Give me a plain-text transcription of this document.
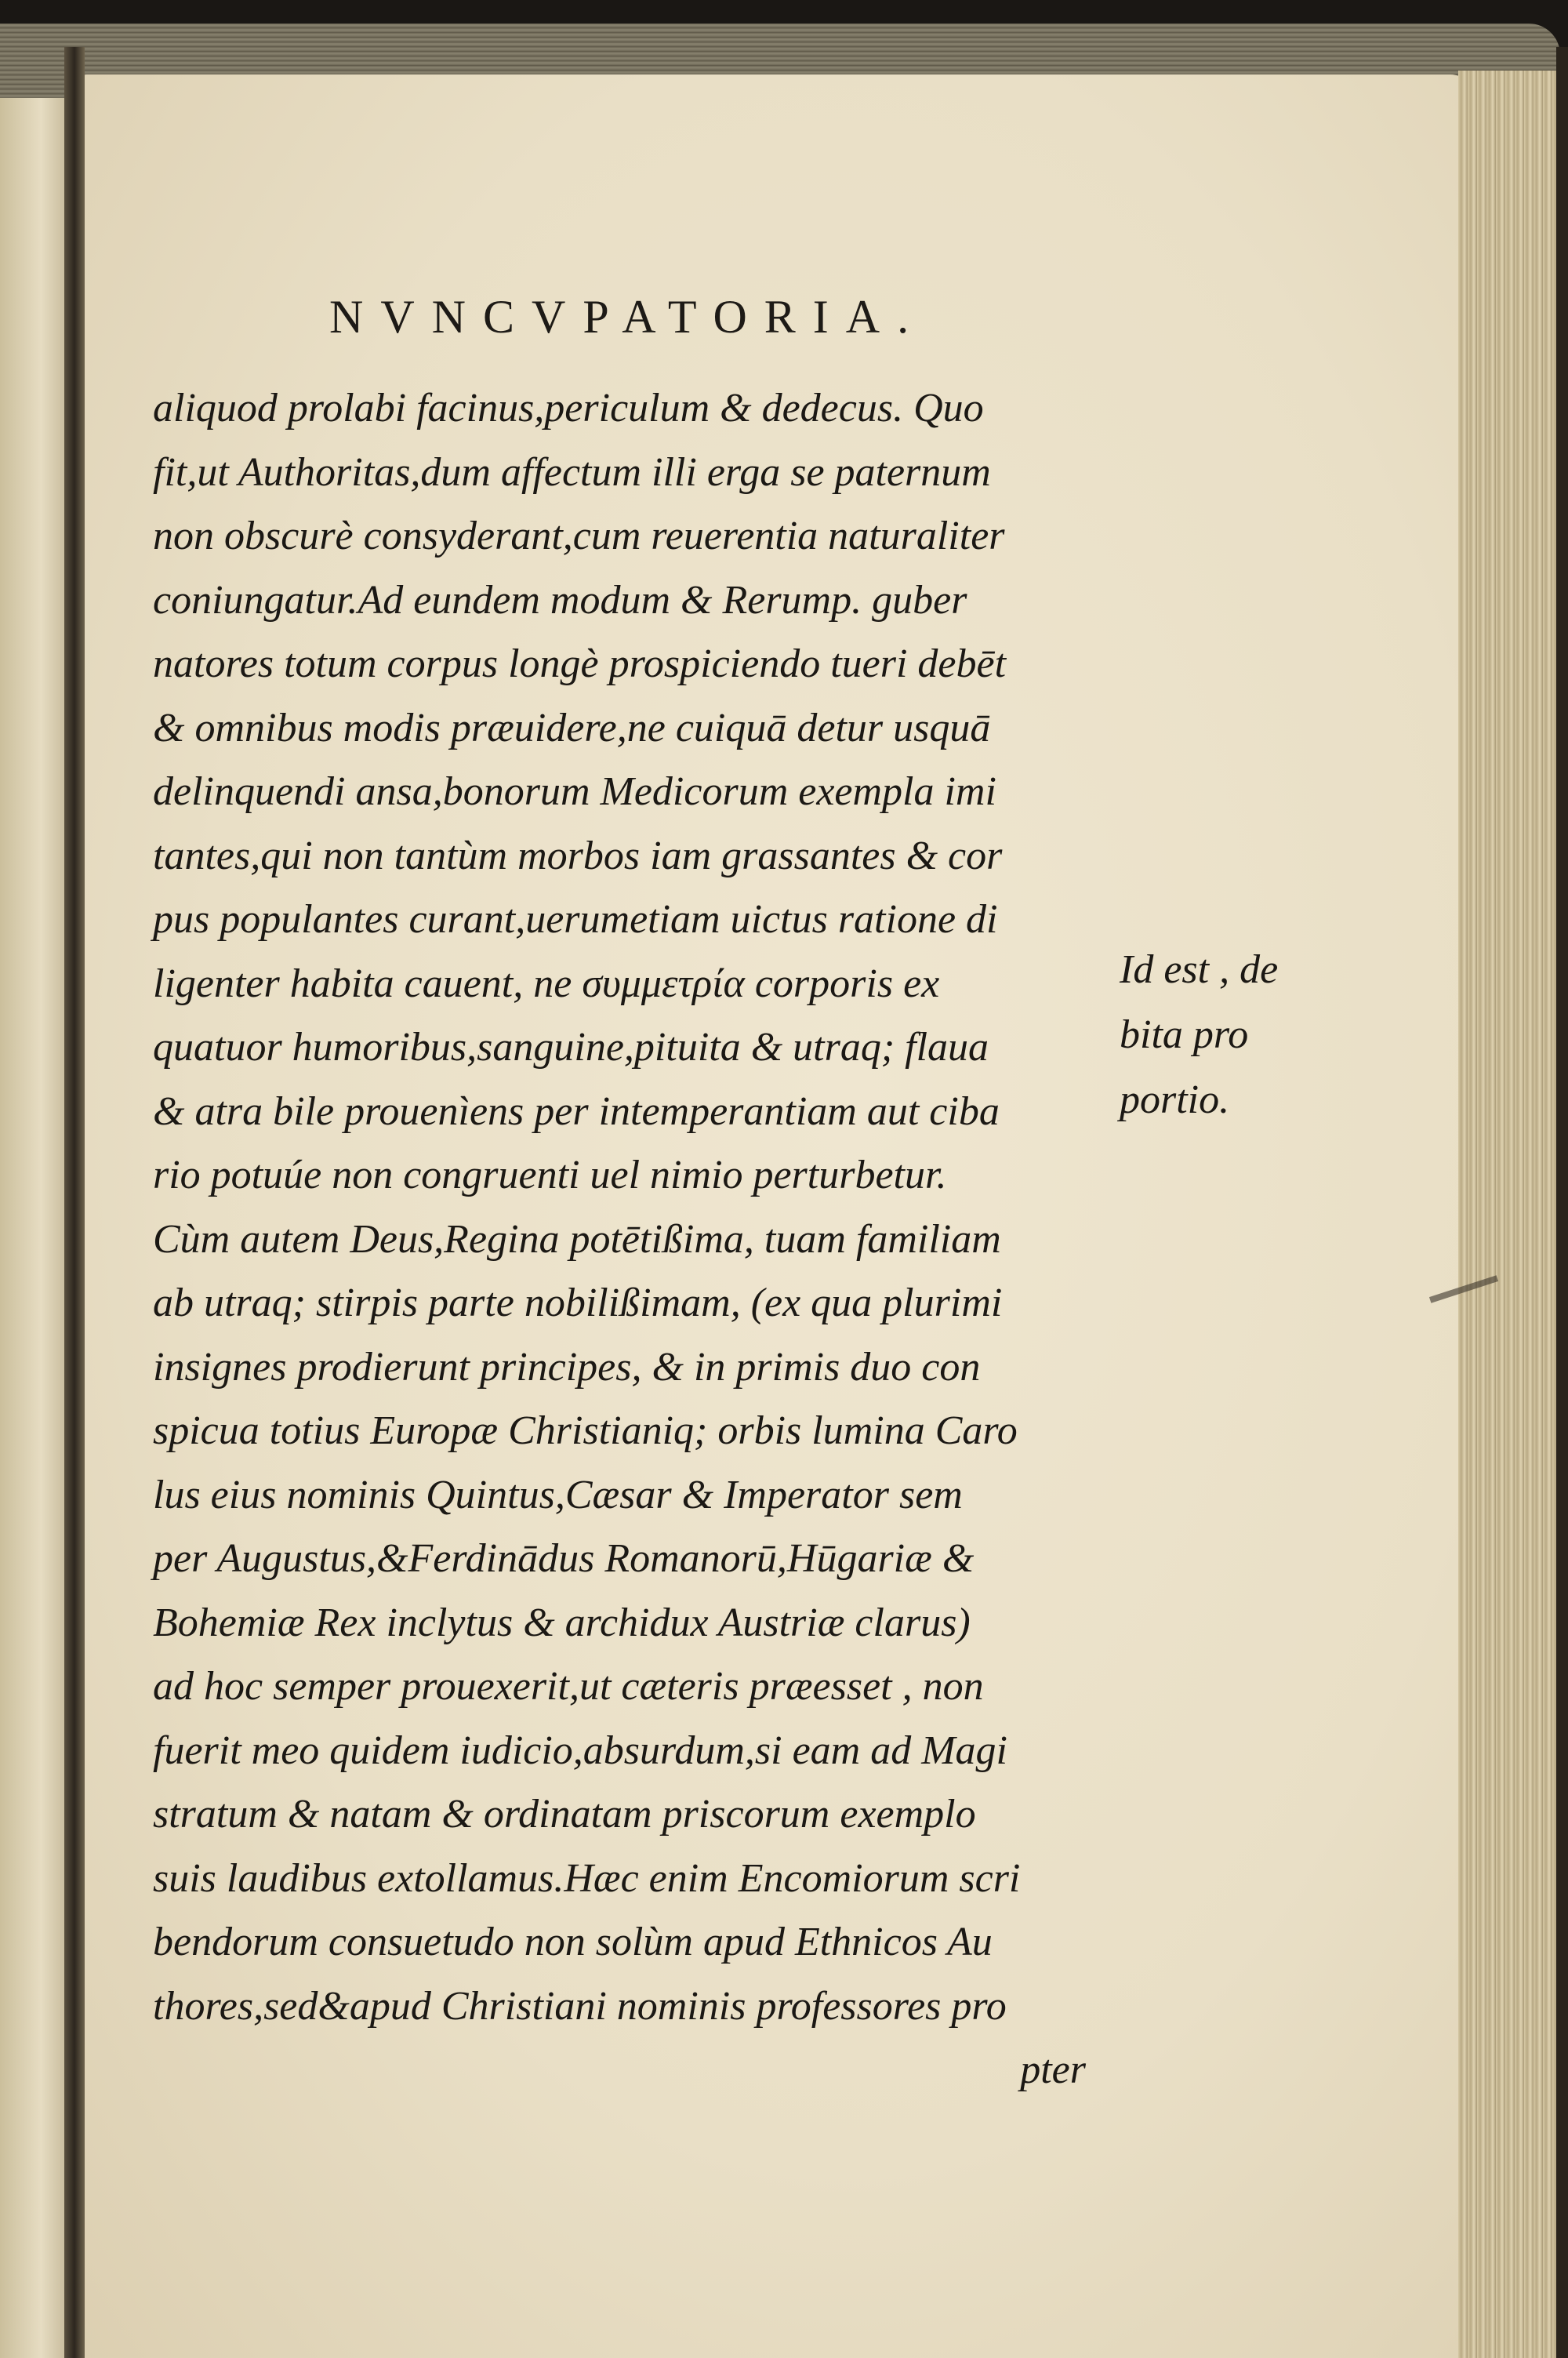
NVNCVPATORIA.
aliquod prolabi facinus,periculum & dedecus. Quo
fit,ut Authoritas,dum affectum illi erga se paternum
non obscurè consyderant,cum reuerentia naturaliter
coniungatur.Ad eundem modum & Rerump. guber
natores totum corpus longè prospiciendo tueri debēt
& omnibus modis præuidere,ne cuiquā detur usquā
delinquendi ansa,bonorum Medicorum exempla imi
tantes,qui non tantùm morbos iam grassantes & cor
pus populantes curant,uerumetiam uictus ratione di
ligenter habita cauent, ne συμμετρία corporis ex
quatuor humoribus,sanguine,pituita & utraq; flaua
& atra bile prouenìens per intemperantiam aut ciba
rio potuúe non congruenti uel nimio perturbetur.
Cùm autem Deus,Regina potētißima, tuam familiam
ab utraq; stirpis parte nobilißimam, (ex qua plurimi
insignes prodierunt principes, & in primis duo con
spicua totius Europæ Christianiq; orbis lumina Caro
lus eius nominis Quintus,Cæsar & Imperator sem
per Augustus,&Ferdinādus Romanorū,Hūgariæ &
Bohemiæ Rex inclytus & archidux Austriæ clarus)
ad hoc semper prouexerit,ut cæteris præesset , non
fuerit meo quidem iudicio,absurdum,si eam ad Magi
stratum & natam & ordinatam priscorum exemplo
suis laudibus extollamus.Hæc enim Encomiorum scri
bendorum consuetudo non solùm apud Ethnicos Au
thores,sed&apud Christiani nominis professores pro
pter
Id est , de
bita pro
portio.
